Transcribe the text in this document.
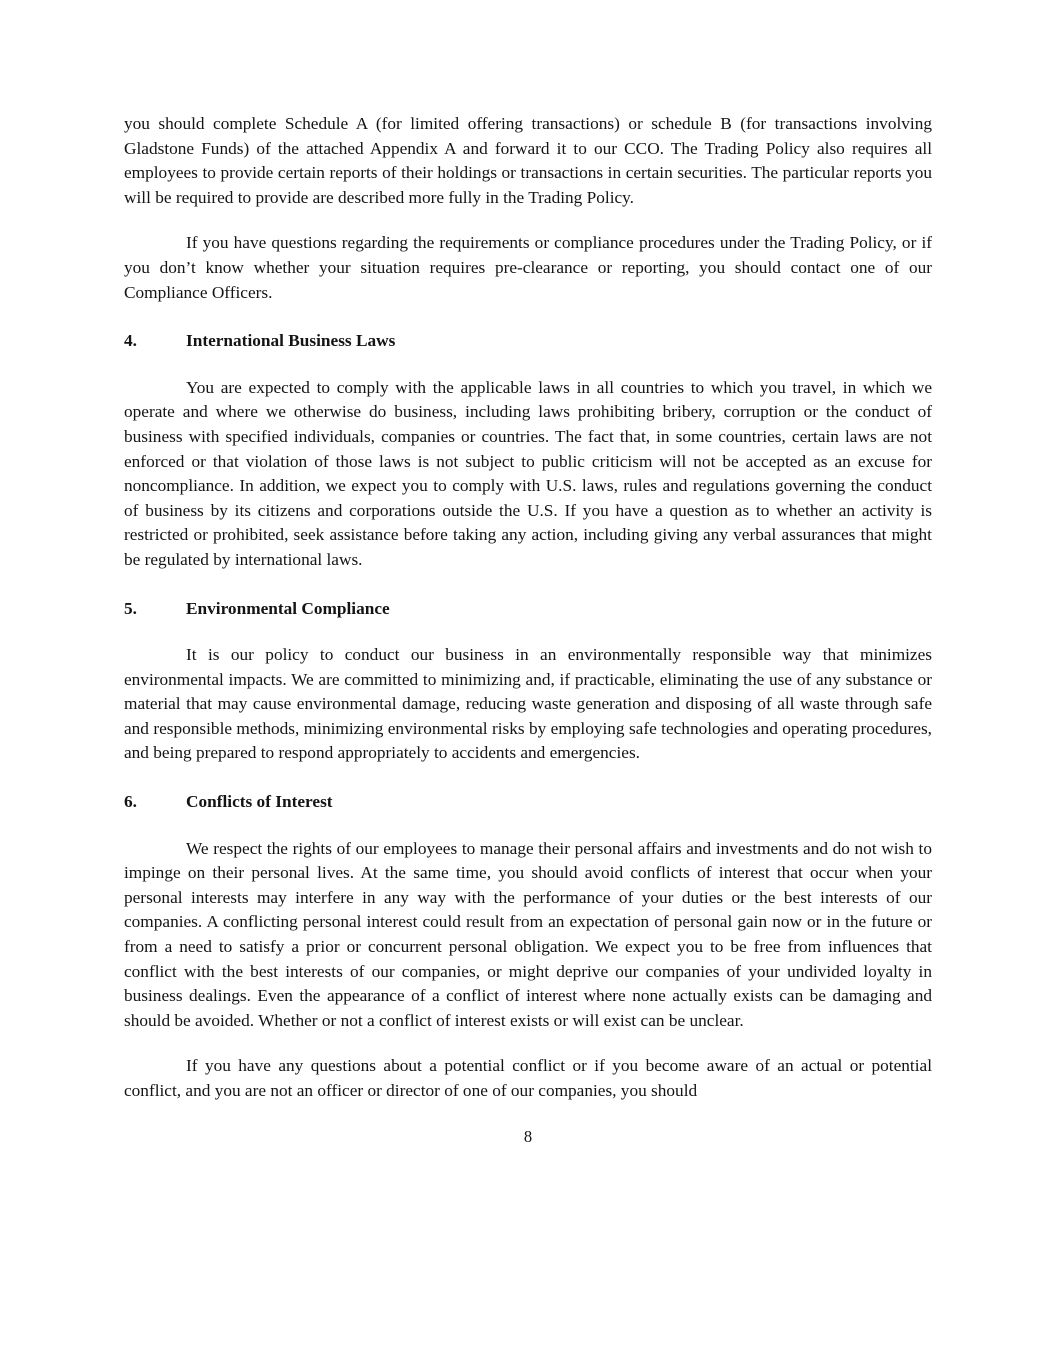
you should complete Schedule A (for limited offering transactions) or schedule B (for transactions involving Gladstone Funds) of the attached Appendix A and forward it to our CCO. The Trading Policy also requires all employees to provide certain reports of their holdings or transactions in certain securities. The particular reports you will be required to provide are described more fully in the Trading Policy.

If you have questions regarding the requirements or compliance procedures under the Trading Policy, or if you don’t know whether your situation requires pre-clearance or reporting, you should contact one of our Compliance Officers.

4.	International Business Laws

You are expected to comply with the applicable laws in all countries to which you travel, in which we operate and where we otherwise do business, including laws prohibiting bribery, corruption or the conduct of business with specified individuals, companies or countries. The fact that, in some countries, certain laws are not enforced or that violation of those laws is not subject to public criticism will not be accepted as an excuse for noncompliance. In addition, we expect you to comply with U.S. laws, rules and regulations governing the conduct of business by its citizens and corporations outside the U.S. If you have a question as to whether an activity is restricted or prohibited, seek assistance before taking any action, including giving any verbal assurances that might be regulated by international laws.

5.	Environmental Compliance

It is our policy to conduct our business in an environmentally responsible way that minimizes environmental impacts. We are committed to minimizing and, if practicable, eliminating the use of any substance or material that may cause environmental damage, reducing waste generation and disposing of all waste through safe and responsible methods, minimizing environmental risks by employing safe technologies and operating procedures, and being prepared to respond appropriately to accidents and emergencies.

6.	Conflicts of Interest

We respect the rights of our employees to manage their personal affairs and investments and do not wish to impinge on their personal lives. At the same time, you should avoid conflicts of interest that occur when your personal interests may interfere in any way with the performance of your duties or the best interests of our companies. A conflicting personal interest could result from an expectation of personal gain now or in the future or from a need to satisfy a prior or concurrent personal obligation. We expect you to be free from influences that conflict with the best interests of our companies, or might deprive our companies of your undivided loyalty in business dealings. Even the appearance of a conflict of interest where none actually exists can be damaging and should be avoided. Whether or not a conflict of interest exists or will exist can be unclear.

If you have any questions about a potential conflict or if you become aware of an actual or potential conflict, and you are not an officer or director of one of our companies, you should

8
